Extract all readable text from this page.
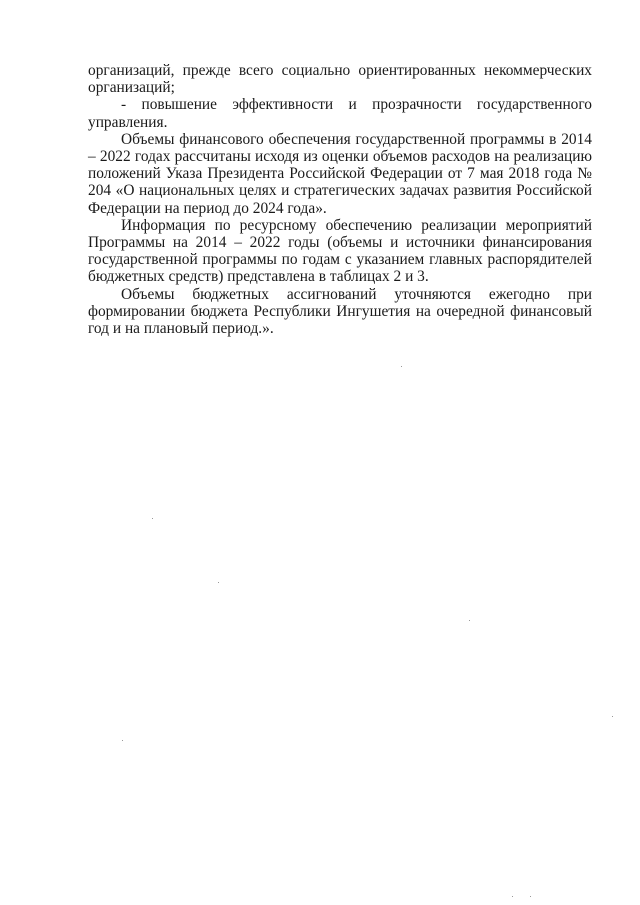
организаций, прежде всего социально ориентированных некоммерческих организаций;

- повышение эффективности и прозрачности государственного управления.

Объемы финансового обеспечения государственной программы в 2014 – 2022 годах рассчитаны исходя из оценки объемов расходов на реализацию положений Указа Президента Российской Федерации от 7 мая 2018 года № 204 «О национальных целях и стратегических задачах развития Российской Федерации на период до 2024 года».

Информация по ресурсному обеспечению реализации мероприятий Программы на 2014 – 2022 годы (объемы и источники финансирования государственной программы по годам с указанием главных распорядителей бюджетных средств) представлена в таблицах 2 и 3.

Объемы бюджетных ассигнований уточняются ежегодно при формировании бюджета Республики Ингушетия на очередной финансовый год и на плановый период.».
